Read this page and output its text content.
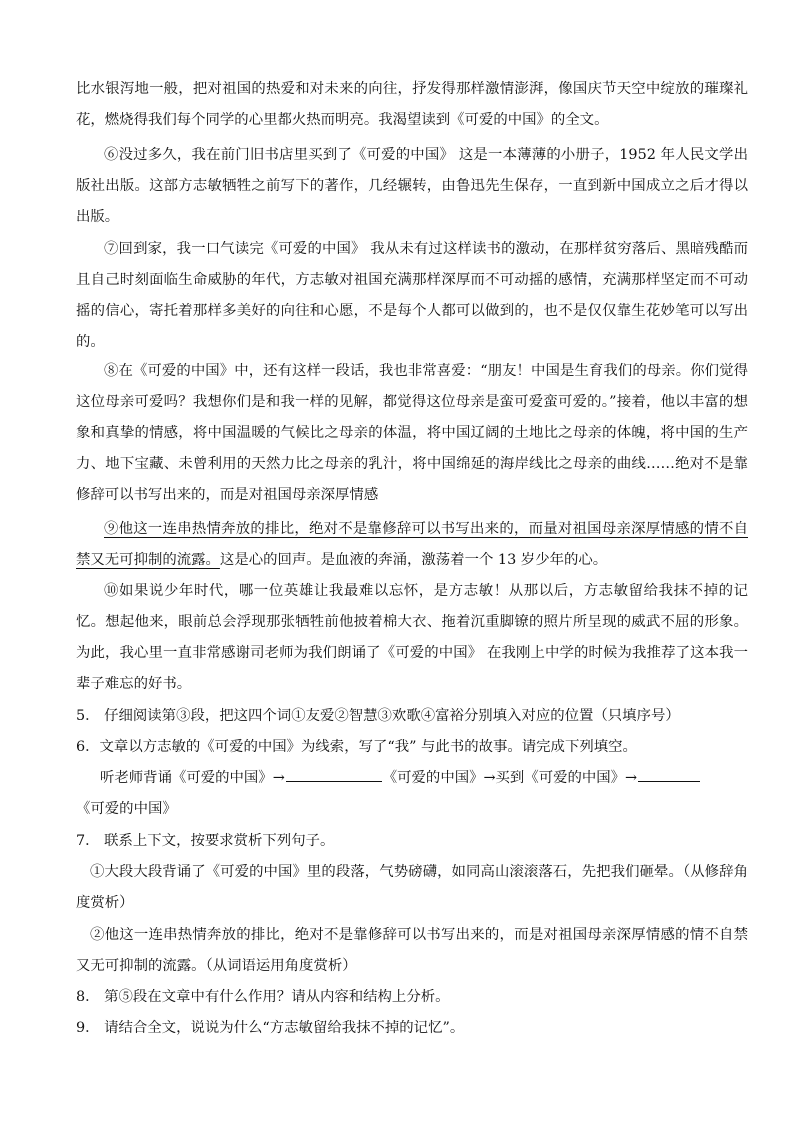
比水银泻地一般，把对祖国的热爱和对未来的向往，抒发得那样激情澎湃，像国庆节天空中绽放的璀璨礼花，燃烧得我们每个同学的心里都火热而明亮。我渴望读到《可爱的中国》的全文。

⑥没过多久，我在前门旧书店里买到了《可爱的中国》 这是一本薄薄的小册子，1952 年人民文学出版社出版。这部方志敏牺牲之前写下的著作，几经辗转，由鲁迅先生保存，一直到新中国成立之后才得以出版。

⑦回到家，我一口气读完《可爱的中国》 我从未有过这样读书的激动，在那样贫穷落后、黑暗残酷而且自己时刻面临生命威胁的年代，方志敏对祖国充满那样深厚而不可动摇的感情，充满那样坚定而不可动摇的信心，寄托着那样多美好的向往和心愿，不是每个人都可以做到的，也不是仅仅靠生花妙笔可以写出的。

⑧在《可爱的中国》中，还有这样一段话，我也非常喜爱：“朋友！中国是生育我们的母亲。你们觉得这位母亲可爱吗？我想你们是和我一样的见解，都觉得这位母亲是蛮可爱蛮可爱的。”接着，他以丰富的想象和真挚的情感，将中国温暖的气候比之母亲的体温，将中国辽阔的土地比之母亲的体魄，将中国的生产力、地下宝藏、未曾利用的天然力比之母亲的乳汁，将中国绵延的海岸线比之母亲的曲线……绝对不是靠修辞可以书写出来的，而是对祖国母亲深厚情感

⑨他这一连串热情奔放的排比，绝对不是靠修辞可以书写出来的，而量对祖国母亲深厚情感的情不自禁又无可抑制的流露。这是心的回声。是血液的奔涌，激荡着一个 13 岁少年的心。

⑩如果说少年时代，哪一位英雄让我最难以忘怀，是方志敏！从那以后，方志敏留给我抹不掉的记忆。想起他来，眼前总会浮现那张牺牲前他披着棉大衣、拖着沉重脚镣的照片所呈现的威武不屈的形象。为此，我心里一直非常感谢司老师为我们朗诵了《可爱的中国》 在我刚上中学的时候为我推荐了这本我一辈子难忘的好书。

5． 仔细阅读第③段，把这四个词①友爱②智慧③欢歌④富裕分别填入对应的位置（只填序号）

6．文章以方志敏的《可爱的中国》为线索，写了“我” 与此书的故事。请完成下列填空。

听老师背诵《可爱的中国》→	《可爱的中国》→买到《可爱的中国》→
《可爱的中国》

7． 联系上下文，按要求赏析下列句子。

①大段大段背诵了《可爱的中国》里的段落，气势磅礴，如同高山滚滚落石，先把我们砸晕。（从修辞角度赏析）

②他这一连串热情奔放的排比，绝对不是靠修辞可以书写出来的，而是对祖国母亲深厚情感的情不自禁又无可抑制的流露。（从词语运用角度赏析）

8． 第⑤段在文章中有什么作用？请从内容和结构上分析。

9． 请结合全文，说说为什么“方志敏留给我抹不掉的记忆”。
